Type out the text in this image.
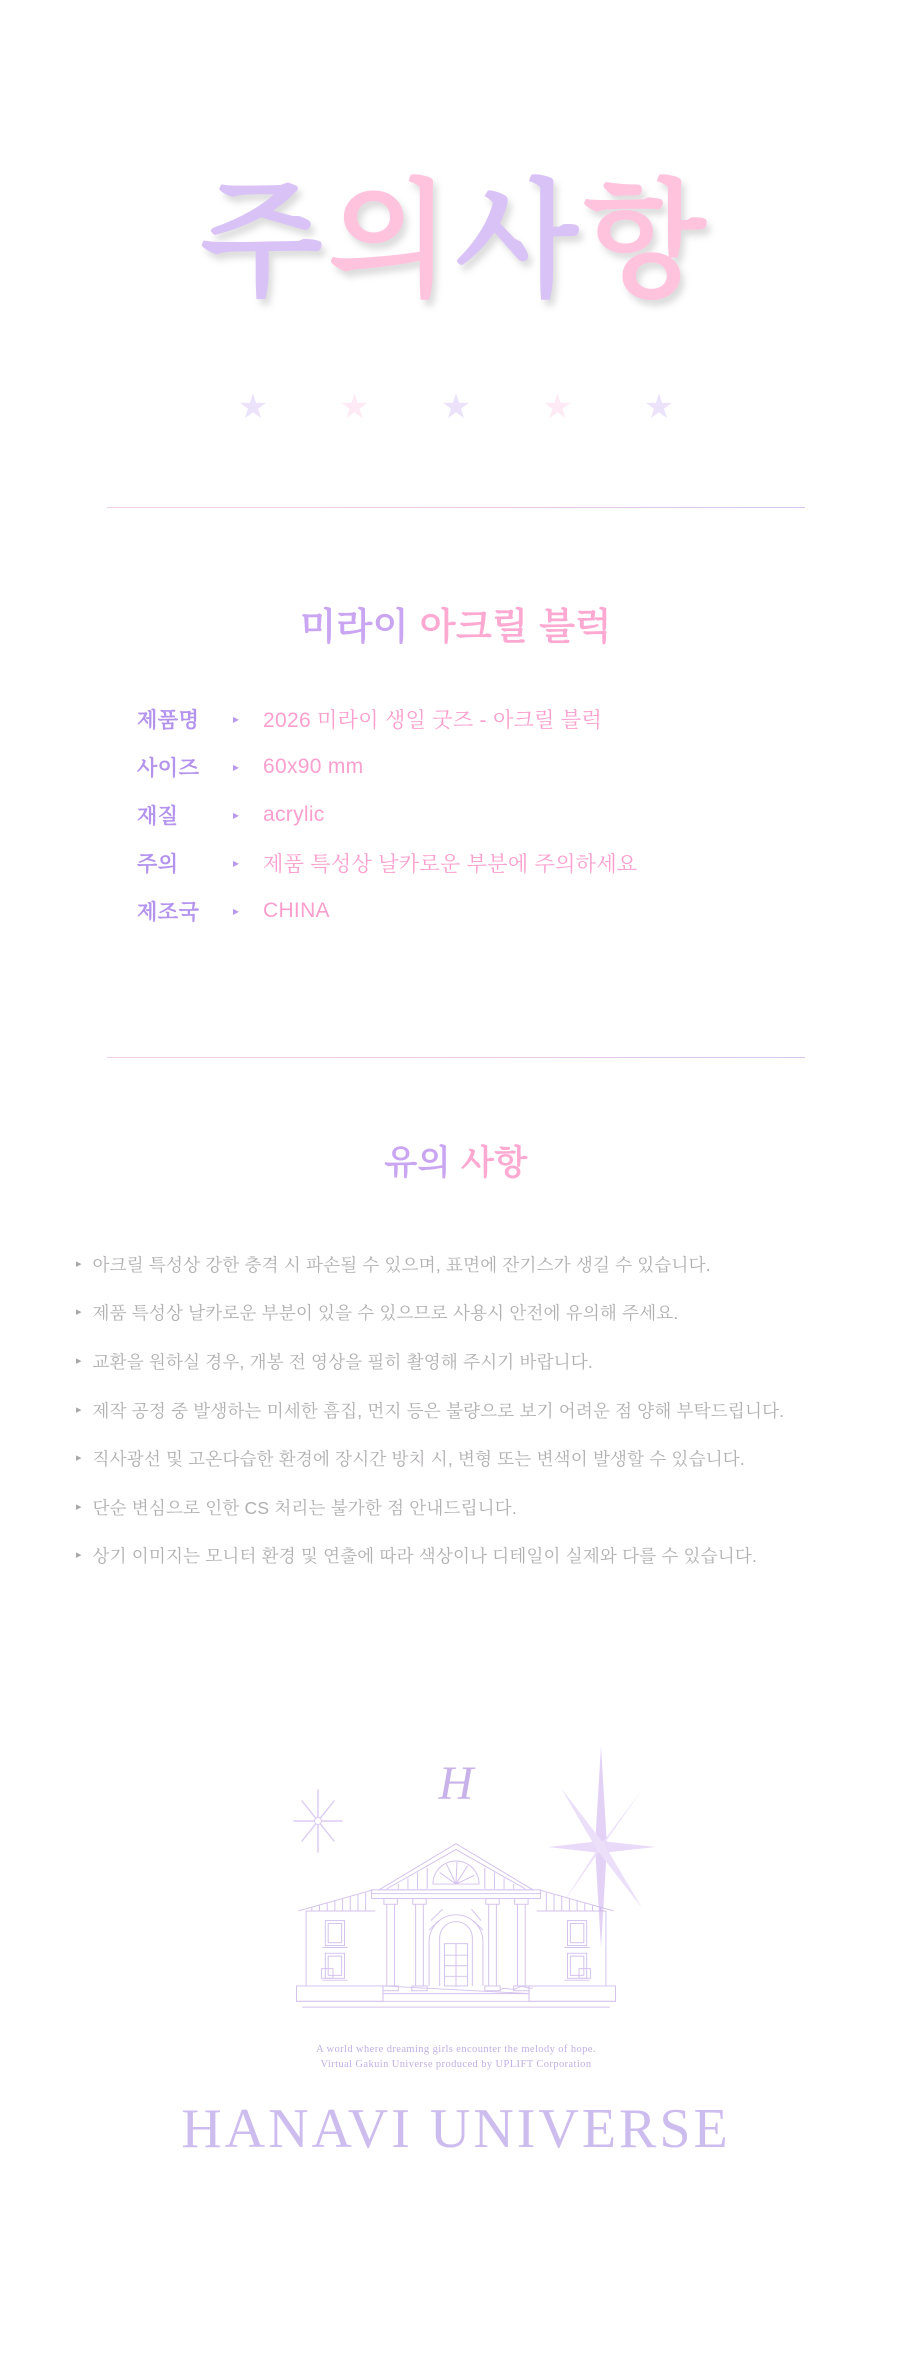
주의사항
★ ★ ★ ★ ★
미라이 아크릴 블럭
제품명	▸	2026 미라이 생일 굿즈 - 아크릴 블럭
사이즈	▸	60x90 mm
재질	▸	acrylic
주의	▸	제품 특성상 날카로운 부분에 주의하세요
제조국	▸	CHINA
유의 사항
▸ 아크릴 특성상 강한 충격 시 파손될 수 있으며, 표면에 잔기스가 생길 수 있습니다.
▸ 제품 특성상 날카로운 부분이 있을 수 있으므로 사용시 안전에 유의해 주세요.
▸ 교환을 원하실 경우, 개봉 전 영상을 필히 촬영해 주시기 바랍니다.
▸ 제작 공정 중 발생하는 미세한 흠집, 먼지 등은 불량으로 보기 어려운 점 양해 부탁드립니다.
▸ 직사광선 및 고온다습한 환경에 장시간 방치 시, 변형 또는 변색이 발생할 수 있습니다.
▸ 단순 변심으로 인한 CS 처리는 불가한 점 안내드립니다.
▸ 상기 이미지는 모니터 환경 및 연출에 따라 색상이나 디테일이 실제와 다를 수 있습니다.
H
A world where dreaming girls encounter the melody of hope.
Virtual Gakuin Universe produced by UPLIFT Corporation
HANAVI UNIVERSE
